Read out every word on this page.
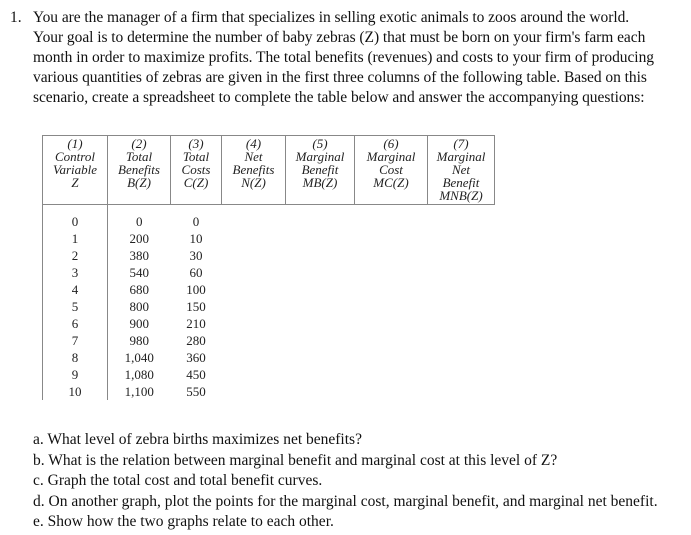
1. You are the manager of a firm that specializes in selling exotic animals to zoos around the world.
Your goal is to determine the number of baby zebras (Z) that must be born on your firm's farm each
month in order to maximize profits. The total benefits (revenues) and costs to your firm of producing
various quantities of zebras are given in the first three columns of the following table. Based on this
scenario, create a spreadsheet to complete the table below and answer the accompanying questions:

(1)
Control
Variable
Z	(2)
Total
Benefits
B(Z)	(3)
Total
Costs
C(Z)	(4)
Net
Benefits
N(Z)	(5)
Marginal
Benefit
MB(Z)	(6)
Marginal
Cost
MC(Z)	(7)
Marginal
Net
Benefit
MNB(Z)

0	0	0				
1	200	10				
2	380	30				
3	540	60				
4	680	100				
5	800	150				
6	900	210				
7	980	280				
8	1,040	360				
9	1,080	450				
10	1,100	550				
a. What level of zebra births maximizes net benefits?
b. What is the relation between marginal benefit and marginal cost at this level of Z?
c. Graph the total cost and total benefit curves.
d. On another graph, plot the points for the marginal cost, marginal benefit, and marginal net benefit.
e. Show how the two graphs relate to each other.
